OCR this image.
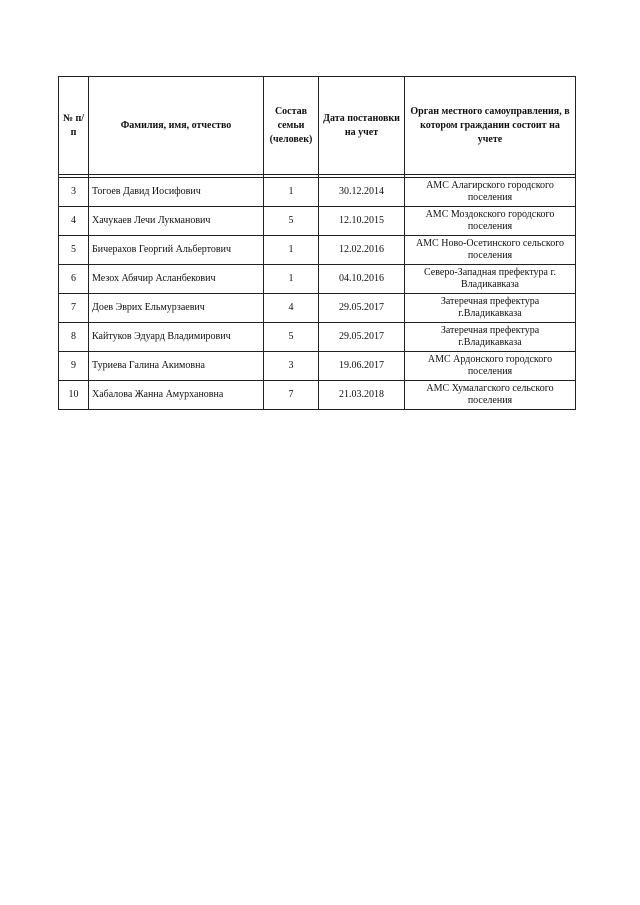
№ п/п	Фамилия, имя, отчество	Состав семьи (человек)	Дата постановки на учет	Орган местного самоуправления, в котором гражданин состоит на учете

3	Тогоев Давид Иосифович	1	30.12.2014	АМС Алагирского городского поселения
4	Хачукаев Лечи Лукманович	5	12.10.2015	АМС Моздокского городского поселения
5	Бичерахов Георгий Альбертович	1	12.02.2016	АМС Ново-Осетинского сельского поселения
6	Мезох Абячир Асланбекович	1	04.10.2016	Северо-Западная префектура г. Владикавказа
7	Доев Эврих Ельмурзаевич	4	29.05.2017	Затеречная префектура г.Владикавказа
8	Кайтуков Эдуард Владимирович	5	29.05.2017	Затеречная префектура г.Владикавказа
9	Туриева Галина Акимовна	3	19.06.2017	АМС Ардонского городского поселения
10	Хабалова Жанна Амурхановна	7	21.03.2018	АМС Хумалагского сельского поселения
